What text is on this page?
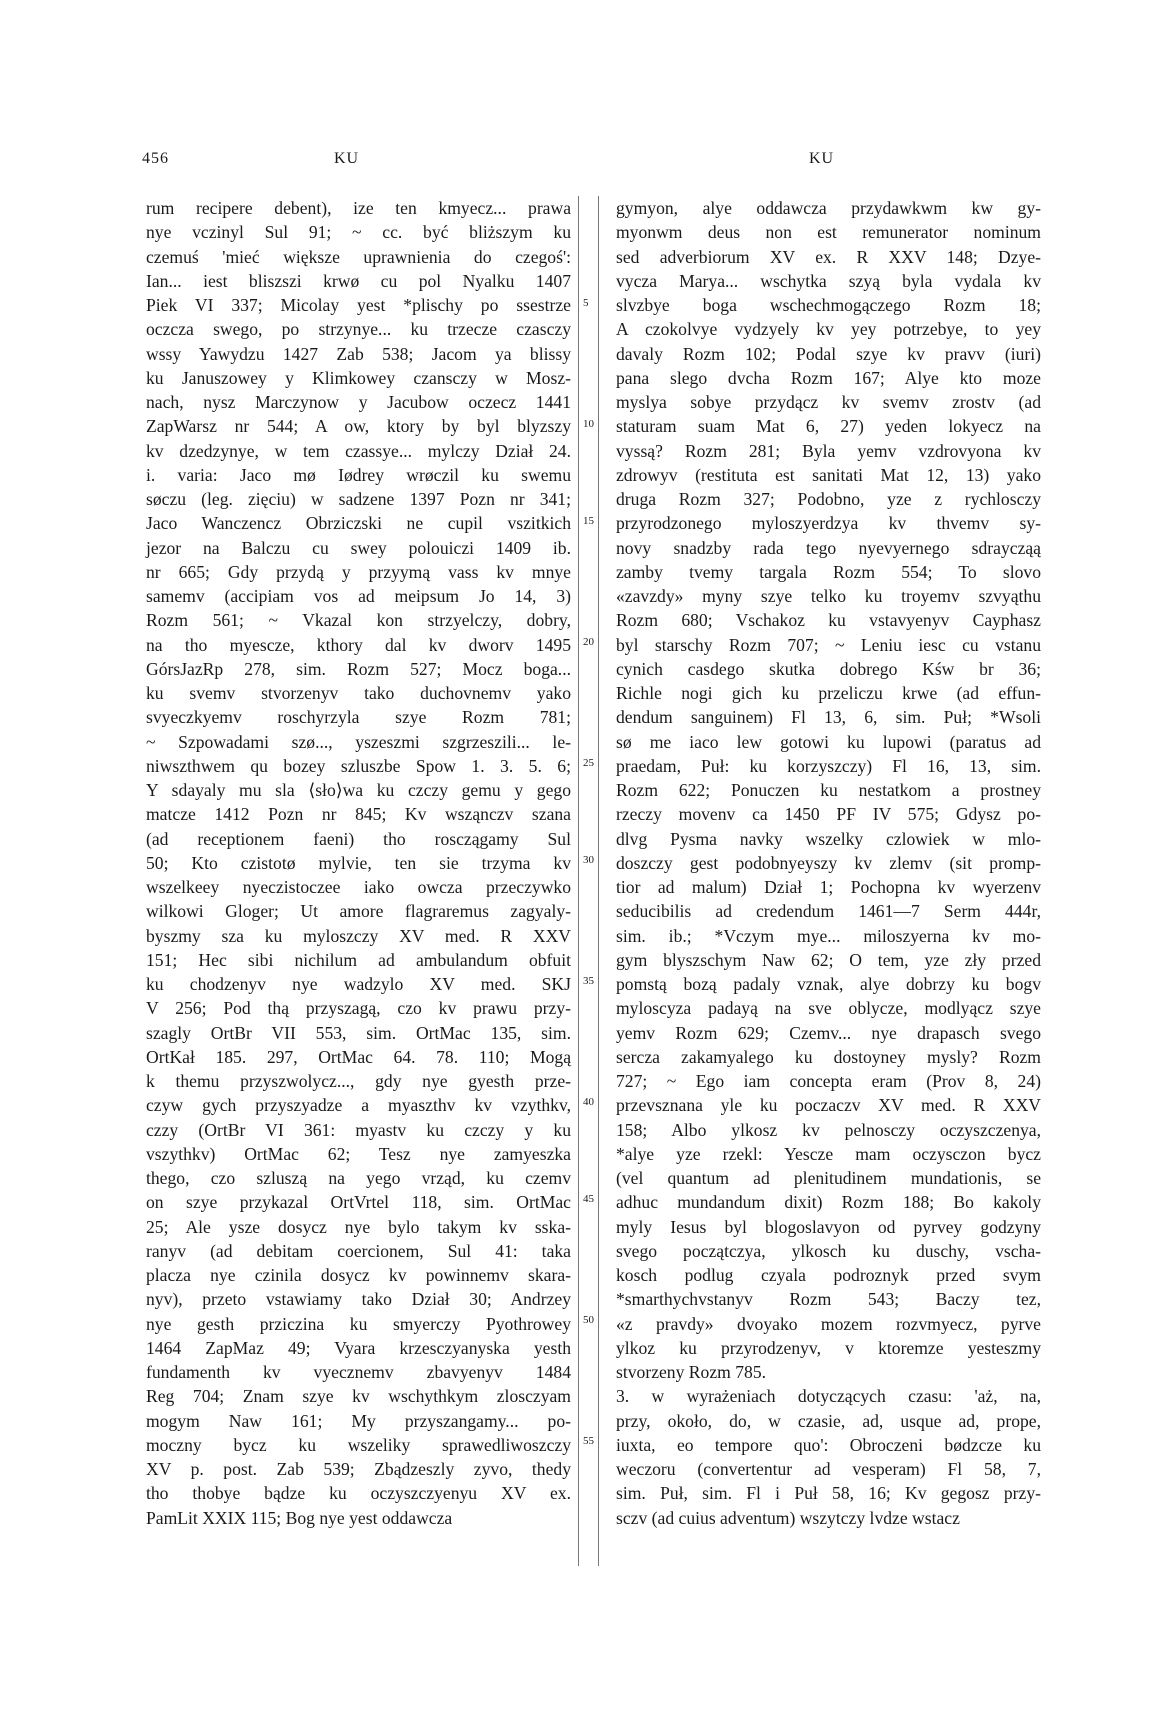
456	KU	KU
rum recipere debent), ize ten kmyecz... prawa
nye vczinyl Sul 91; ~ cc. być bliższym ku
czemuś 'mieć większe uprawnienia do czegoś':
Ian... iest bliszszi krwø cu pol Nyalku 1407
Piek VI 337; Micolay yest *plischy po ssestrze
oczcza swego, po strzynye... ku trzecze czasczy
wssy Yawydzu 1427 Zab 538; Jacom ya blissy
ku Januszowey y Klimkowey czansczy w Mosz-
nach, nysz Marczynow y Jacubow oczecz 1441
ZapWarsz nr 544; A ow, ktory by byl blyzszy
kv dzedzynye, w tem czassye... mylczy Dział 24.
i. varia: Jaco mø Iødrey wrøczil ku swemu
søczu (leg. zięciu) w sadzene 1397 Pozn nr 341;
Jaco Wanczencz Obrziczski ne cupil vszitkich
jezor na Balczu cu swey polouiczi 1409 ib.
nr 665; Gdy przydą y przyymą vass kv mnye
samemv (accipiam vos ad meipsum Jo 14, 3)
Rozm 561; ~ Vkazal kon strzyelczy, dobry,
na tho myescze, kthory dal kv dworv 1495
GórsJazRp 278, sim. Rozm 527; Mocz boga...
ku svemv stvorzenyv tako duchovnemv yako
svyeczkyemv roschyrzyla szye Rozm 781;
~ Szpowadami szø..., yszeszmi szgrzeszili... le-
niwszthwem qu bozey szluszbe Spow 1. 3. 5. 6;
Y sdayaly mu sla ⟨sło⟩wa ku czczy gemu y gego
matcze 1412 Pozn nr 845; Kv wsząnczv szana
(ad receptionem faeni) tho rosczągamy Sul
50; Kto czistotø mylvie, ten sie trzyma kv
wszelkeey nyeczistoczee iako owcza przeczywko
wilkowi Gloger; Ut amore flagraremus zagyaly-
byszmy sza ku myloszczy XV med. R XXV
151; Hec sibi nichilum ad ambulandum obfuit
ku chodzenyv nye wadzylo XV med. SKJ
V 256; Pod thą przyszagą, czo kv prawu przy-
szagly OrtBr VII 553, sim. OrtMac 135, sim.
OrtKał 185. 297, OrtMac 64. 78. 110; Mogą
k themu przyszwolycz..., gdy nye gyesth prze-
czyw gych przyszyadze a myaszthv kv vzythkv,
czzy (OrtBr VI 361: myastv ku czczy y ku
vszythkv) OrtMac 62; Tesz nye zamyeszka
thego, czo szluszą na yego vrząd, ku czemv
on szye przykazal OrtVrtel 118, sim. OrtMac
25; Ale ysze dosycz nye bylo takym kv sska-
ranyv (ad debitam coercionem, Sul 41: taka
placza nye czinila dosycz kv powinnemv skara-
nyv), przeto vstawiamy tako Dział 30; Andrzey
nye gesth prziczina ku smyerczy Pyothrowey
1464 ZapMaz 49; Vyara krzesczyanyska yesth
fundamenth kv vyecznemv zbavyenyv 1484
Reg 704; Znam szye kv wschythkym zlosczyam
mogym Naw 161; My przyszangamy... po-
moczny bycz ku wszeliky sprawedliwoszczy
XV p. post. Zab 539; Zbądzeszly zyvo, thedy
tho thobye bądze ku oczyszczyenyu XV ex.
PamLit XXIX 115; Bog nye yest oddawcza
5
10
15
20
25
30
35
40
45
50
55
gymyon, alye oddawcza przydawkwm kw gy-
myonwm deus non est remunerator nominum
sed adverbiorum XV ex. R XXV 148; Dzye-
vycza Marya... wschytka szyą byla vydala kv
slvzbye boga wschechmogączego Rozm 18;
A czokolvye vydzyely kv yey potrzebye, to yey
davaly Rozm 102; Podal szye kv pravv (iuri)
pana slego dvcha Rozm 167; Alye kto moze
myslya sobye przydącz kv svemv zrostv (ad
staturam suam Mat 6, 27) yeden lokyecz na
vyssą? Rozm 281; Byla yemv vzdrovyona kv
zdrowyv (restituta est sanitati Mat 12, 13) yako
druga Rozm 327; Podobno, yze z rychlosczy
przyrodzonego myloszyerdzya kv thvemv sy-
novy snadzby rada tego nyevyernego sdraycząą
zamby tvemy targala Rozm 554; To slovo
«zavzdy» myny szye telko ku troyemv szvyąthu
Rozm 680; Vschakoz ku vstavyenyv Cayphasz
byl starschy Rozm 707; ~ Leniu iesc cu vstanu
cynich casdego skutka dobrego Kśw br 36;
Richle nogi gich ku przeliczu krwe (ad effun-
dendum sanguinem) Fl 13, 6, sim. Puł; *Wsoli
sø me iaco lew gotowi ku lupowi (paratus ad
praedam, Puł: ku korzyszczy) Fl 16, 13, sim.
Rozm 622; Ponuczen ku nestatkom a prostney
rzeczy movenv ca 1450 PF IV 575; Gdysz po-
dlvg Pysma navky wszelky czlowiek w mlo-
doszczy gest podobnyeyszy kv zlemv (sit promp-
tior ad malum) Dział 1; Pochopna kv wyerzenv
seducibilis ad credendum 1461—7 Serm 444r,
sim. ib.; *Vczym mye... miloszyerna kv mo-
gym blyszschym Naw 62; O tem, yze zły przed
pomstą bozą padaly vznak, alye dobrzy ku bogv
myloscyza padayą na sve oblycze, modlyącz szye
yemv Rozm 629; Czemv... nye drapasch svego
sercza zakamyalego ku dostoyney mysly? Rozm
727; ~ Ego iam concepta eram (Prov 8, 24)
przevsznana yle ku poczaczv XV med. R XXV
158; Albo ylkosz kv pelnosczy oczyszczenya,
*alye yze rzekl: Yescze mam oczysczon bycz
(vel quantum ad plenitudinem mundationis, se
adhuc mundandum dixit) Rozm 188; Bo kakoly
myly Iesus byl blogoslavyon od pyrvey godzyny
svego początczya, ylkosch ku duschy, vscha-
kosch podlug czyala podroznyk przed svym
*smarthychvstanyv Rozm 543; Baczy tez,
«z pravdy» dvoyako mozem rozvmyecz, pyrve
ylkoz ku przyrodzenyv, v ktoremze yesteszmy
stvorzeny Rozm 785.
3. w wyrażeniach dotyczących czasu: 'aż, na,
przy, około, do, w czasie, ad, usque ad, prope,
iuxta, eo tempore quo': Obroczeni bødzcze ku
weczoru (convertentur ad vesperam) Fl 58, 7,
sim. Puł, sim. Fl i Puł 58, 16; Kv gegosz przy-
sczv (ad cuius adventum) wszytczy lvdze wstacz
